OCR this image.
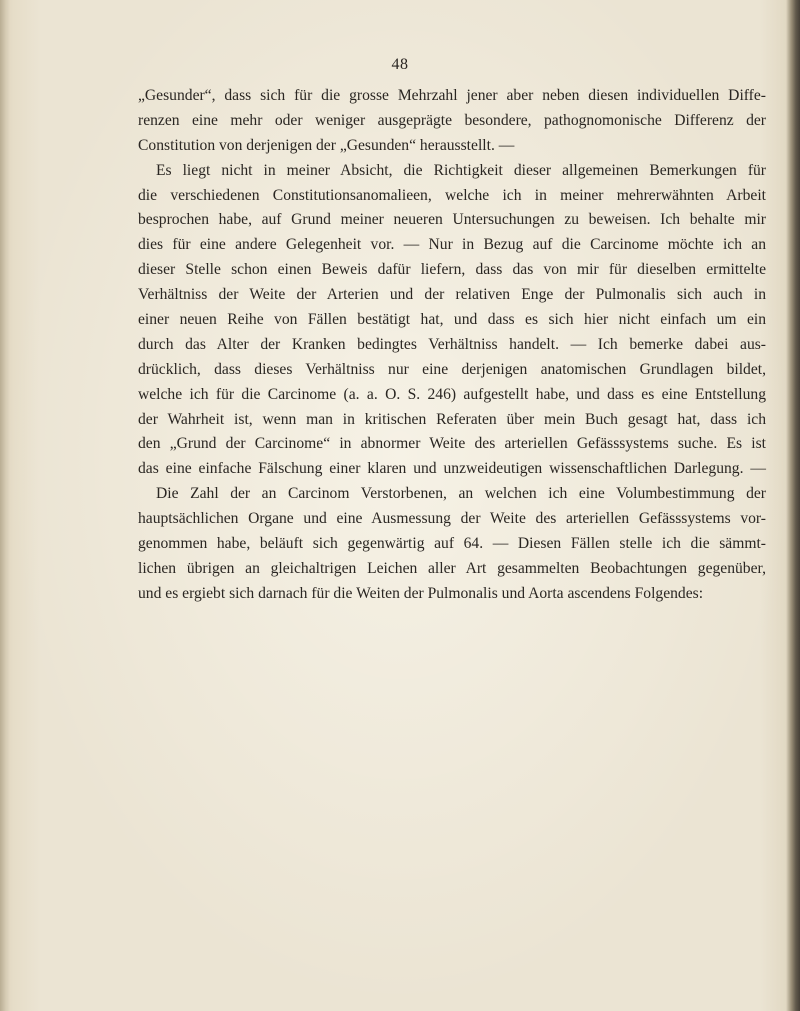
48
„Gesunder“, dass sich für die grosse Mehrzahl jener aber neben diesen individuellen Diffe-
renzen eine mehr oder weniger ausgeprägte besondere, pathognomonische Differenz der
Constitution von derjenigen der „Gesunden“ herausstellt. —
Es liegt nicht in meiner Absicht, die Richtigkeit dieser allgemeinen Bemerkungen für
die verschiedenen Constitutionsanomalieen, welche ich in meiner mehrerwähnten Arbeit
besprochen habe, auf Grund meiner neueren Untersuchungen zu beweisen. Ich behalte mir
dies für eine andere Gelegenheit vor. — Nur in Bezug auf die Carcinome möchte ich an
dieser Stelle schon einen Beweis dafür liefern, dass das von mir für dieselben ermittelte
Verhältniss der Weite der Arterien und der relativen Enge der Pulmonalis sich auch in
einer neuen Reihe von Fällen bestätigt hat, und dass es sich hier nicht einfach um ein
durch das Alter der Kranken bedingtes Verhältniss handelt. — Ich bemerke dabei aus-
drücklich, dass dieses Verhältniss nur eine derjenigen anatomischen Grundlagen bildet,
welche ich für die Carcinome (a. a. O. S. 246) aufgestellt habe, und dass es eine Entstellung
der Wahrheit ist, wenn man in kritischen Referaten über mein Buch gesagt hat, dass ich
den „Grund der Carcinome“ in abnormer Weite des arteriellen Gefässsystems suche. Es ist
das eine einfache Fälschung einer klaren und unzweideutigen wissenschaftlichen Darlegung. —
Die Zahl der an Carcinom Verstorbenen, an welchen ich eine Volumbestimmung der
hauptsächlichen Organe und eine Ausmessung der Weite des arteriellen Gefässsystems vor-
genommen habe, beläuft sich gegenwärtig auf 64. — Diesen Fällen stelle ich die sämmt-
lichen übrigen an gleichaltrigen Leichen aller Art gesammelten Beobachtungen gegenüber,
und es ergiebt sich darnach für die Weiten der Pulmonalis und Aorta ascendens Folgendes:
